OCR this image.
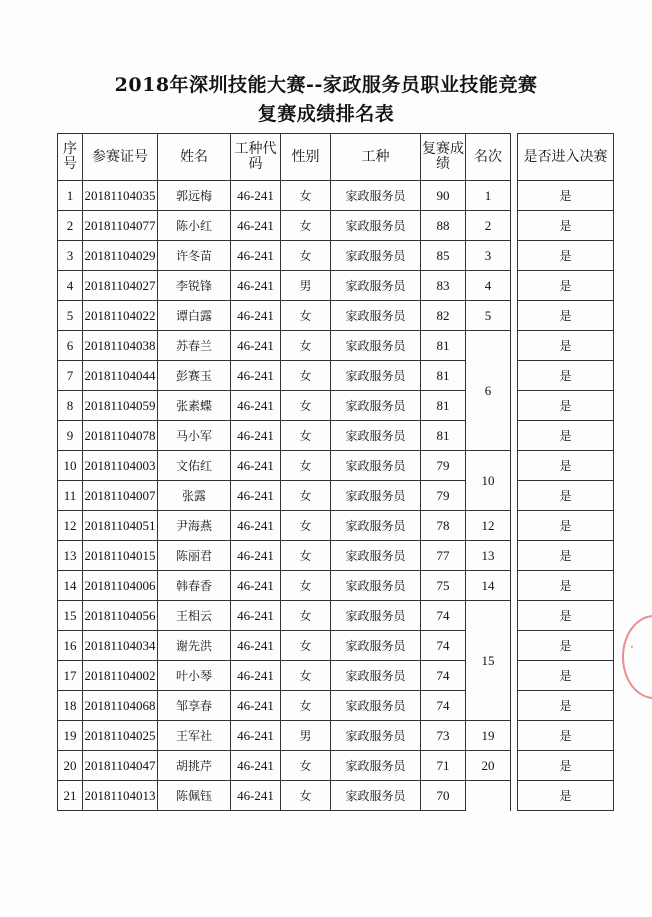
2018年深圳技能大赛--家政服务员职业技能竞赛
复赛成绩排名表
序号	参赛证号	姓名	工种代码	性别	工种	复赛成绩	名次		是否进入决赛
1	20181104035	郭远梅	46-241	女	家政服务员	90	1		是
2	20181104077	陈小红	46-241	女	家政服务员	88	2		是
3	20181104029	许冬苗	46-241	女	家政服务员	85	3		是
4	20181104027	李锐锋	46-241	男	家政服务员	83	4		是
5	20181104022	谭白露	46-241	女	家政服务员	82	5		是
6	20181104038	苏春兰	46-241	女	家政服务员	81	6		是
7	20181104044	彭赛玉	46-241	女	家政服务员	81			是
8	20181104059	张素蝶	46-241	女	家政服务员	81			是
9	20181104078	马小军	46-241	女	家政服务员	81			是
10	20181104003	文佑红	46-241	女	家政服务员	79	10		是
11	20181104007	张露	46-241	女	家政服务员	79			是
12	20181104051	尹海燕	46-241	女	家政服务员	78	12		是
13	20181104015	陈丽君	46-241	女	家政服务员	77	13		是
14	20181104006	韩春香	46-241	女	家政服务员	75	14		是
15	20181104056	王相云	46-241	女	家政服务员	74	15		是
16	20181104034	谢先洪	46-241	女	家政服务员	74			是
17	20181104002	叶小琴	46-241	女	家政服务员	74			是
18	20181104068	邹享春	46-241	女	家政服务员	74			是
19	20181104025	王军社	46-241	男	家政服务员	73	19		是
20	20181104047	胡挑芹	46-241	女	家政服务员	71	20		是
21	20181104013	陈佩钰	46-241	女	家政服务员	70			是
·
